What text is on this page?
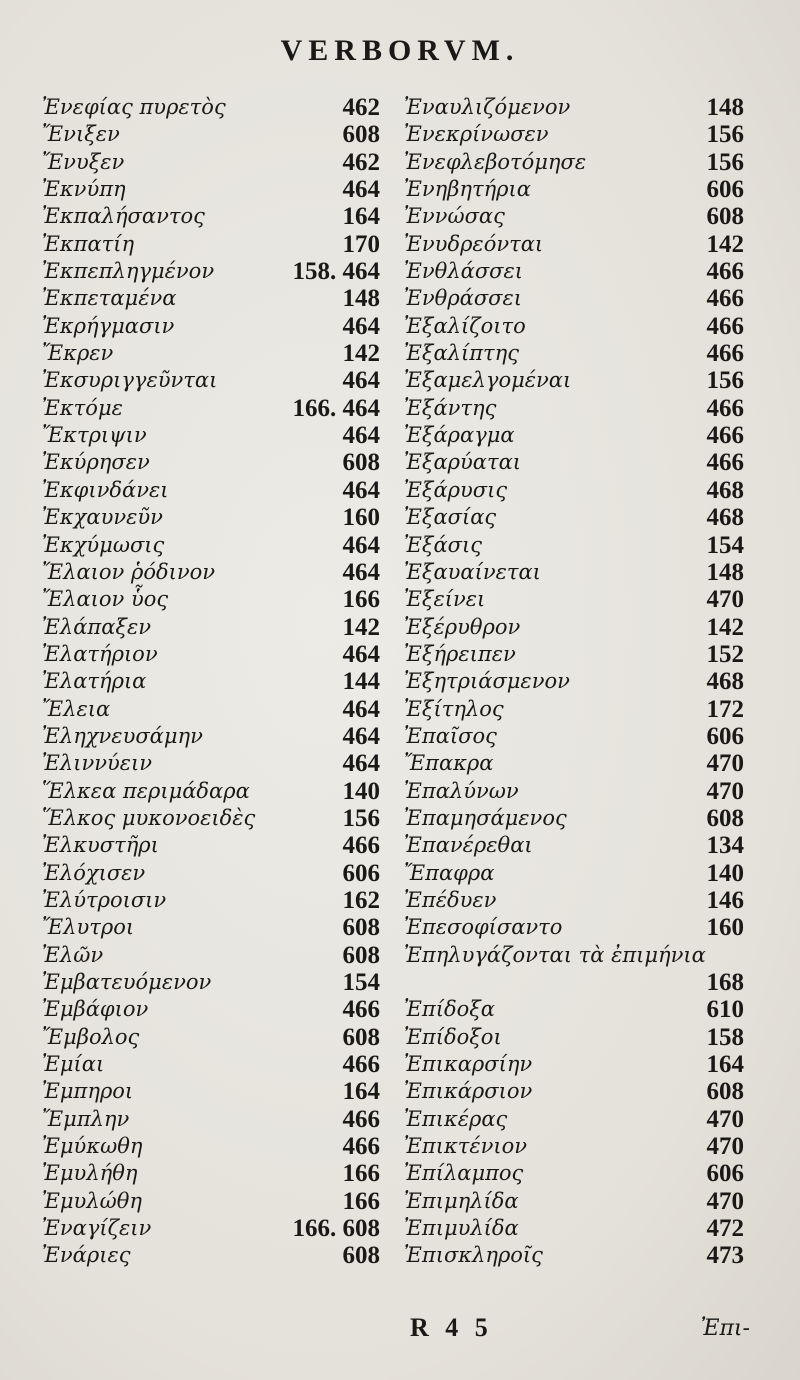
VERBORVM.
Ἐνεφίας πυρετὸς	462
Ἔνιξεν	608
Ἔνυξεν	462
Ἐκνύπη	464
Ἐκπαλήσαντος	164
Ἐκπατίη	170
Ἐκπεπληγμένον	158. 464
Ἐκπεταμένα	148
Ἐκρήγμασιν	464
Ἔκρεν	142
Ἐκσυριγγεῦνται	464
Ἐκτόμε	166. 464
Ἔκτριψιν	464
Ἐκύρησεν	608
Ἐκφινδάνει	464
Ἐκχαυνεῦν	160
Ἐκχύμωσις	464
Ἔλαιον ῥόδινον	464
Ἔλαιον ὗος	166
Ἐλάπαξεν	142
Ἐλατήριον	464
Ἐλατήρια	144
Ἔλεια	464
Ἐληχνευσάμην	464
Ἐλιννύειν	464
Ἕλκεα περιμάδαρα	140
Ἕλκος μυκονοειδὲς	156
Ἐλκυστῆρι	466
Ἐλόχισεν	606
Ἐλύτροισιν	162
Ἔλυτροι	608
Ἐλῶν	608
Ἐμβατευόμενον	154
Ἐμβάφιον	466
Ἔμβολος	608
Ἐμίαι	466
Ἐμπηροι	164
Ἔμπλην	466
Ἐμύκωθη	466
Ἐμυλήθη	166
Ἐμυλώθη	166
Ἐναγίζειν	166. 608
Ἐνάριες	608
Ἐναυλιζόμενον	148
Ἐνεκρίνωσεν	156
Ἐνεφλεβοτόμησε	156
Ἐνηβητήρια	606
Ἐννώσας	608
Ἐνυδρεόνται	142
Ἐνθλάσσει	466
Ἐνθράσσει	466
Ἐξαλίζοιτο	466
Ἐξαλίπτης	466
Ἐξαμελγομέναι	156
Ἐξάντης	466
Ἐξάραγμα	466
Ἐξαρύαται	466
Ἐξάρυσις	468
Ἐξασίας	468
Ἐξάσις	154
Ἐξαυαίνεται	148
Ἐξείνει	470
Ἐξέρυθρον	142
Ἐξήρειπεν	152
Ἐξητριάσμενον	468
Ἐξίτηλος	172
Ἐπαῖσος	606
Ἔπακρα	470
Ἐπαλύνων	470
Ἐπαμησάμενος	608
Ἐπανέρεθαι	134
Ἔπαφρα	140
Ἐπέδυεν	146
Ἐπεσοφίσαντο	160
Ἐπηλυγάζονται τὰ ἐπιμήνια
168
Ἐπίδοξα	610
Ἐπίδοξοι	158
Ἐπικαρσίην	164
Ἐπικάρσιον	608
Ἐπικέρας	470
Ἐπικτένιον	470
Ἐπίλαμπος	606
Ἐπιμηλίδα	470
Ἐπιμυλίδα	472
Ἐπισκληροῖς	473
R 4 5	Ἐπι-
